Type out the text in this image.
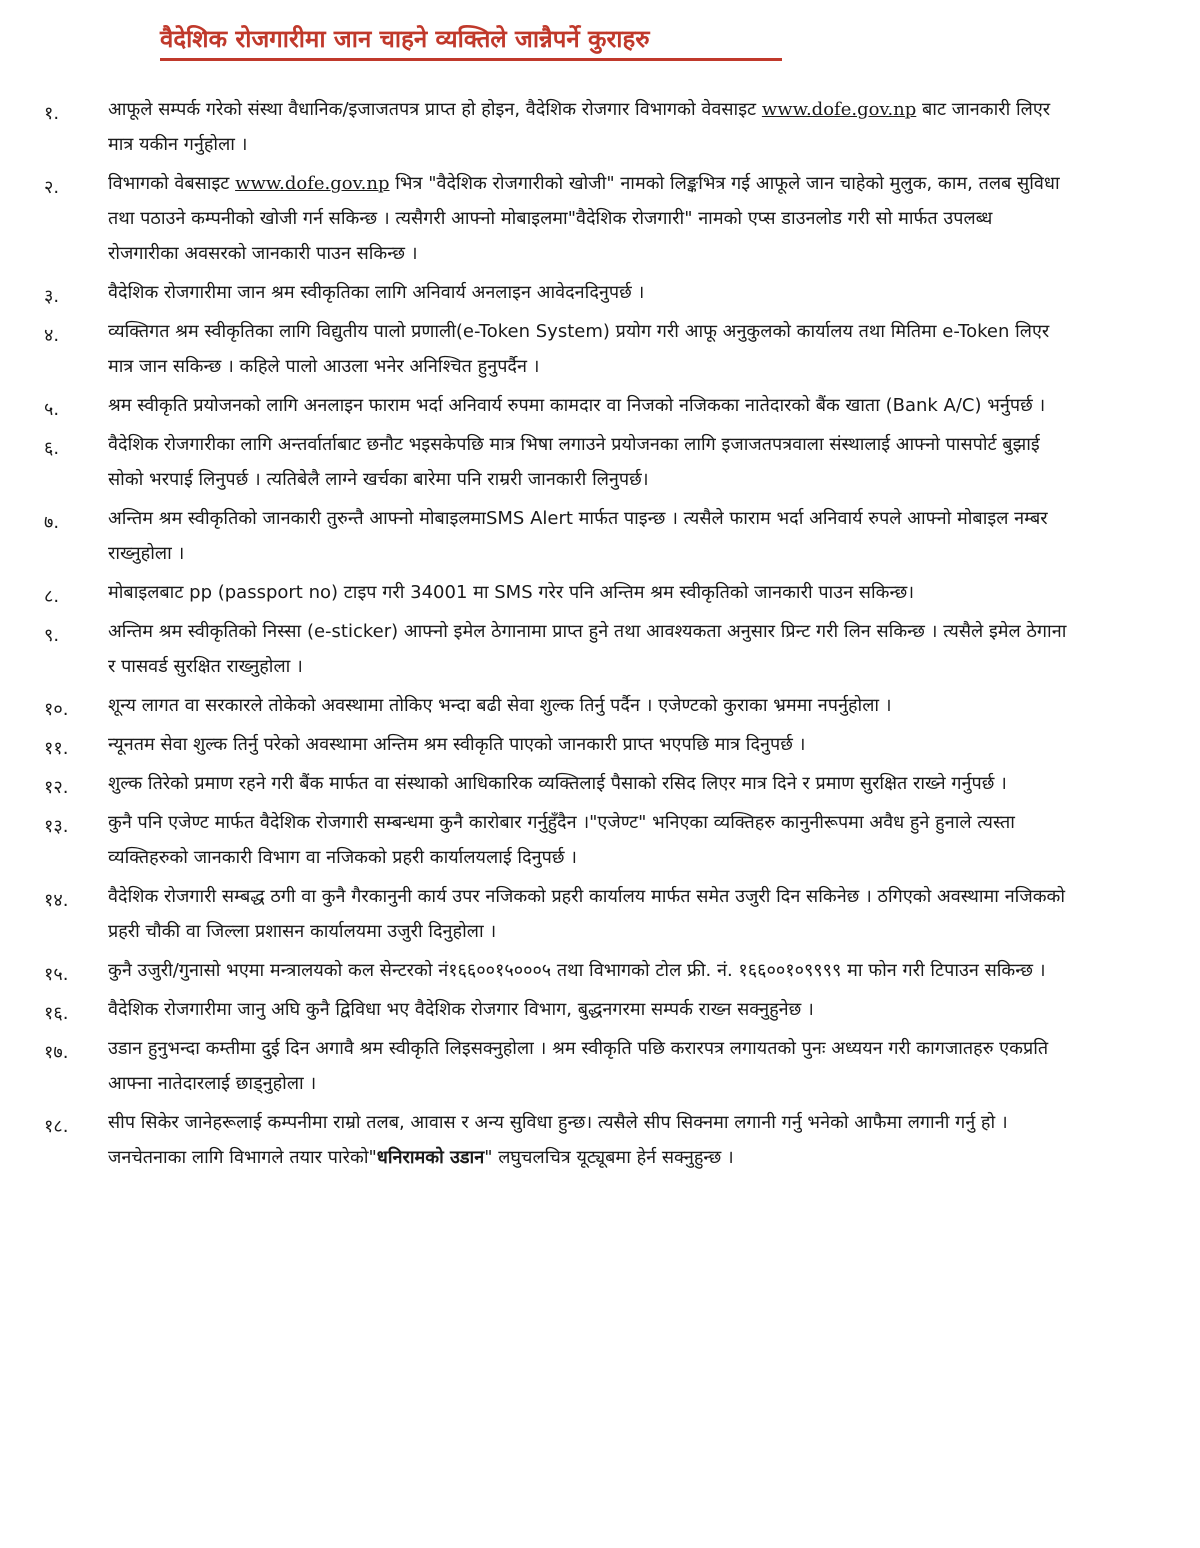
वैदेशिक रोजगारीमा जान चाहने व्यक्तिले जान्नैपर्ने कुराहरु
१.	आफूले सम्पर्क गरेको संस्था वैधानिक/इजाजतपत्र प्राप्त हो होइन, वैदेशिक रोजगार विभागको वेवसाइट www.dofe.gov.np बाट जानकारी लिएर मात्र यकीन गर्नुहोला ।
२.	विभागको वेबसाइट www.dofe.gov.np भित्र "वैदेशिक रोजगारीको खोजी" नामको लिङ्कभित्र गई आफूले जान चाहेको मुलुक, काम, तलब सुविधा तथा पठाउने कम्पनीको खोजी गर्न सकिन्छ । त्यसैगरी आफ्नो मोबाइलमा"वैदेशिक रोजगारी" नामको एप्स डाउनलोड गरी सो मार्फत उपलब्ध रोजगारीका अवसरको जानकारी पाउन सकिन्छ ।
३.	वैदेशिक रोजगारीमा जान श्रम स्वीकृतिका लागि अनिवार्य अनलाइन आवेदनदिनुपर्छ ।
४.	व्यक्तिगत श्रम स्वीकृतिका लागि विद्युतीय पालो प्रणाली(e-Token System) प्रयोग गरी आफू अनुकुलको कार्यालय तथा मितिमा e-Token लिएर मात्र जान सकिन्छ । कहिले पालो आउला भनेर अनिश्चित हुनुपर्दैन ।
५.	श्रम स्वीकृति प्रयोजनको लागि अनलाइन फाराम भर्दा अनिवार्य रुपमा कामदार वा निजको नजिकका नातेदारको बैंक खाता (Bank A/C) भर्नुपर्छ ।
६.	वैदेशिक रोजगारीका लागि अन्तर्वार्ताबाट छनौट भइसकेपछि मात्र भिषा लगाउने प्रयोजनका लागि इजाजतपत्रवाला संस्थालाई आफ्नो पासपोर्ट बुझाई सोको भरपाई लिनुपर्छ । त्यतिबेलै लाग्ने खर्चका बारेमा पनि राम्ररी जानकारी लिनुपर्छ।
७.	अन्तिम श्रम स्वीकृतिको जानकारी तुरुन्तै आफ्नो मोबाइलमाSMS Alert मार्फत पाइन्छ । त्यसैले फाराम भर्दा अनिवार्य रुपले आफ्नो मोबाइल नम्बर राख्नुहोला ।
८.	मोबाइलबाट pp (passport no) टाइप गरी 34001 मा SMS गरेर पनि अन्तिम श्रम स्वीकृतिको जानकारी पाउन सकिन्छ।
९.	अन्तिम श्रम स्वीकृतिको निस्सा (e-sticker) आफ्नो इमेल ठेगानामा प्राप्त हुने तथा आवश्यकता अनुसार प्रिन्ट गरी लिन सकिन्छ । त्यसैले इमेल ठेगाना र पासवर्ड सुरक्षित राख्नुहोला ।
१०.	शून्य लागत वा सरकारले तोकेको अवस्थामा तोकिए भन्दा बढी सेवा शुल्क तिर्नु पर्दैन । एजेण्टको कुराका भ्रममा नपर्नुहोला ।
११.	न्यूनतम सेवा शुल्क तिर्नु परेको अवस्थामा अन्तिम श्रम स्वीकृति पाएको जानकारी प्राप्त भएपछि मात्र दिनुपर्छ ।
१२.	शुल्क तिरेको प्रमाण रहने गरी बैंक मार्फत वा संस्थाको आधिकारिक व्यक्तिलाई पैसाको रसिद लिएर मात्र दिने र प्रमाण सुरक्षित राख्ने गर्नुपर्छ ।
१३.	कुनै पनि एजेण्ट मार्फत वैदेशिक रोजगारी सम्बन्धमा कुनै कारोबार गर्नुहुँदैन ।"एजेण्ट" भनिएका व्यक्तिहरु कानुनीरूपमा अवैध हुने हुनाले त्यस्ता व्यक्तिहरुको जानकारी विभाग वा नजिकको प्रहरी कार्यालयलाई दिनुपर्छ ।
१४.	वैदेशिक रोजगारी सम्बद्ध ठगी वा कुनै गैरकानुनी कार्य उपर नजिकको प्रहरी कार्यालय मार्फत समेत उजुरी दिन सकिनेछ । ठगिएको अवस्थामा नजिकको प्रहरी चौकी वा जिल्ला प्रशासन कार्यालयमा उजुरी दिनुहोला ।
१५.	कुनै उजुरी/गुनासो भएमा मन्त्रालयको कल सेन्टरको नं१६६००१५०००५ तथा विभागको टोल फ्री. नं. १६६००१०९९९९ मा फोन गरी टिपाउन सकिन्छ ।
१६.	वैदेशिक रोजगारीमा जानु अघि कुनै द्विविधा भए वैदेशिक रोजगार विभाग, बुद्धनगरमा सम्पर्क राख्न सक्नुहुनेछ ।
१७.	उडान हुनुभन्दा कम्तीमा दुई दिन अगावै श्रम स्वीकृति लिइसक्नुहोला । श्रम स्वीकृति पछि करारपत्र लगायतको पुनः अध्ययन गरी कागजातहरु एकप्रति आफ्ना नातेदारलाई छाड्नुहोला ।
१८.	सीप सिकेर जानेहरूलाई कम्पनीमा राम्रो तलब, आवास र अन्य सुविधा हुन्छ। त्यसैले सीप सिक्नमा लगानी गर्नु भनेको आफैमा लगानी गर्नु हो । जनचेतनाका लागि विभागले तयार पारेको"धनिरामको उडान" लघुचलचित्र यूट्यूबमा हेर्न सक्नुहुन्छ ।
